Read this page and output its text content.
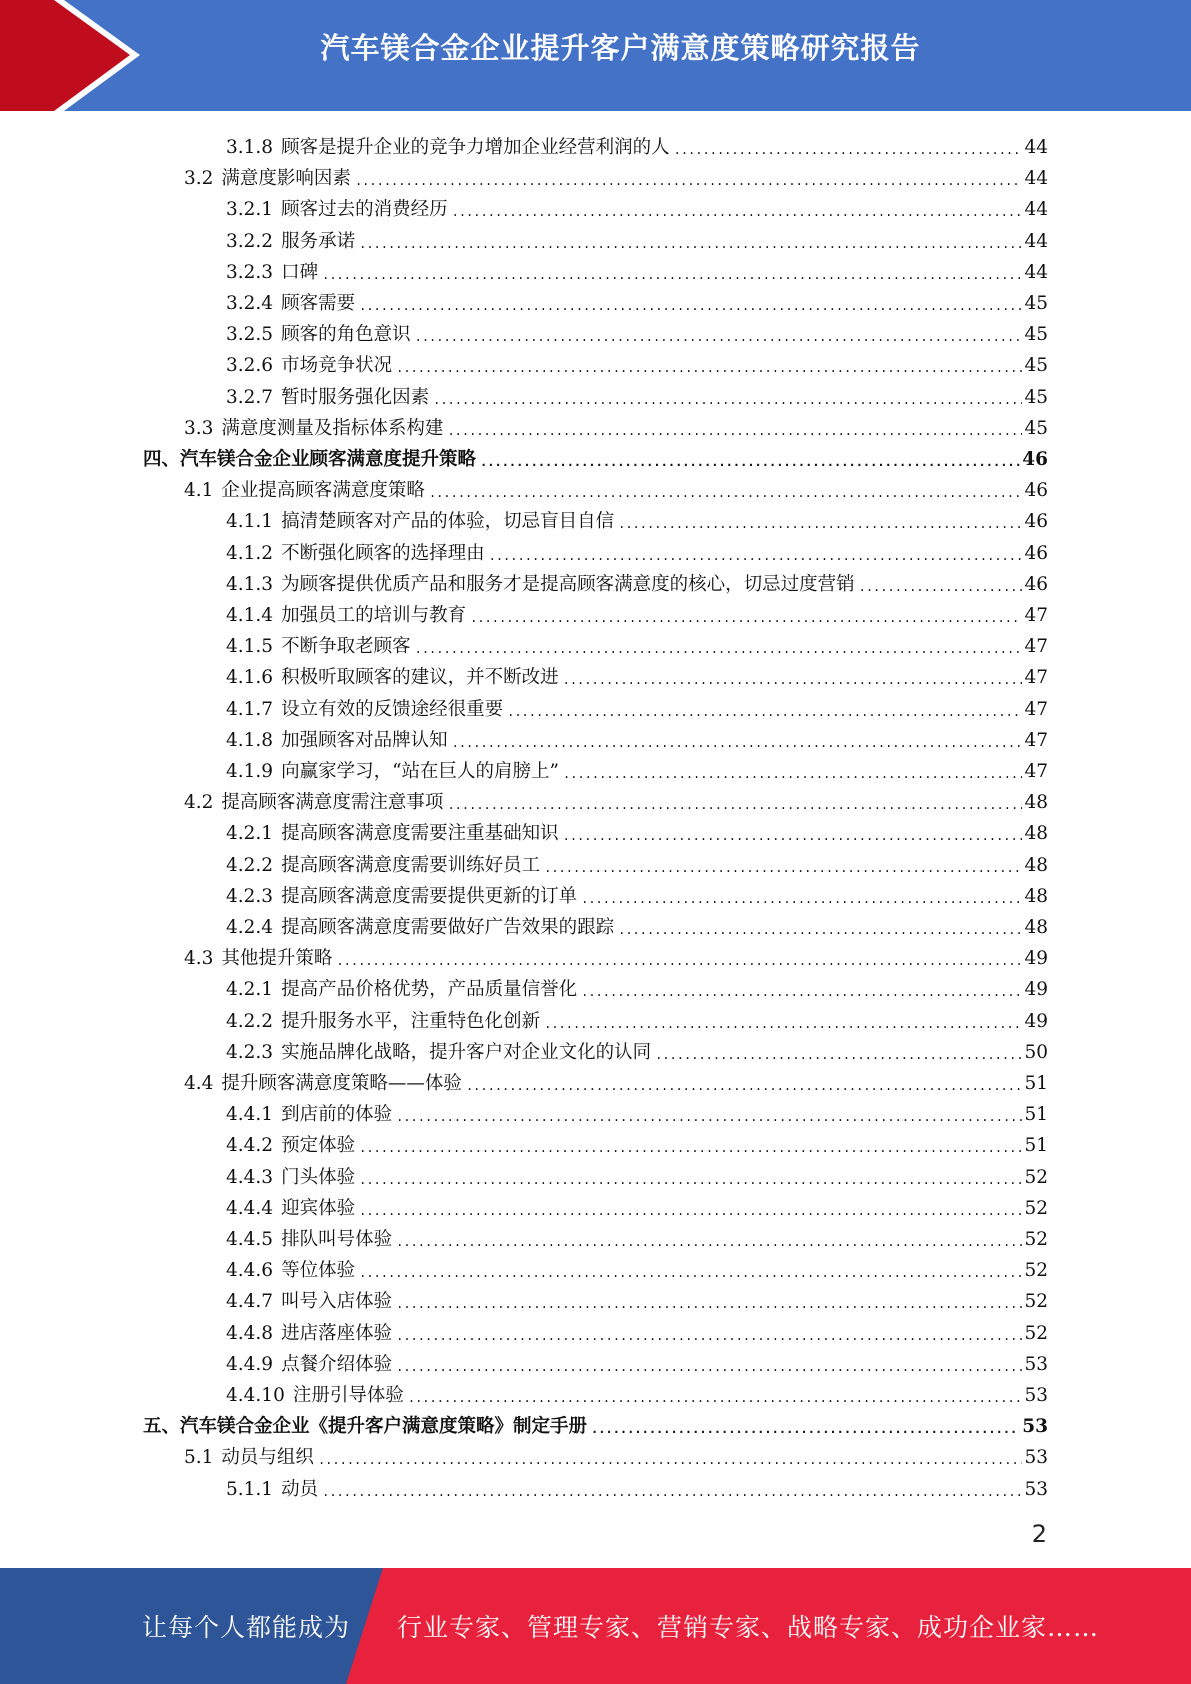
汽车镁合金企业提升客户满意度策略研究报告
3.1.8 顾客是提升企业的竞争力增加企业经营利润的人 .....	44
3.2 满意度影响因素 .....	44
3.2.1 顾客过去的消费经历 .....	44
3.2.2 服务承诺 .....	44
3.2.3 口碑 .....	44
3.2.4 顾客需要 .....	45
3.2.5 顾客的角色意识 .....	45
3.2.6 市场竞争状况 .....	45
3.2.7 暂时服务强化因素 .....	45
3.3 满意度测量及指标体系构建 .....	45
四、汽车镁合金企业顾客满意度提升策略 .....	46
4.1 企业提高顾客满意度策略 .....	46
4.1.1 搞清楚顾客对产品的体验，切忌盲目自信 .....	46
4.1.2 不断强化顾客的选择理由 .....	46
4.1.3 为顾客提供优质产品和服务才是提高顾客满意度的核心，切忌过度营销 .....	46
4.1.4 加强员工的培训与教育 .....	47
4.1.5 不断争取老顾客 .....	47
4.1.6 积极听取顾客的建议，并不断改进 .....	47
4.1.7 设立有效的反馈途经很重要 .....	47
4.1.8 加强顾客对品牌认知 .....	47
4.1.9 向赢家学习，“站在巨人的肩膀上” .....	47
4.2 提高顾客满意度需注意事项 .....	48
4.2.1 提高顾客满意度需要注重基础知识 .....	48
4.2.2 提高顾客满意度需要训练好员工 .....	48
4.2.3 提高顾客满意度需要提供更新的订单 .....	48
4.2.4 提高顾客满意度需要做好广告效果的跟踪 .....	48
4.3 其他提升策略 .....	49
4.2.1 提高产品价格优势，产品质量信誉化 .....	49
4.2.2 提升服务水平，注重特色化创新 .....	49
4.2.3 实施品牌化战略，提升客户对企业文化的认同 .....	50
4.4 提升顾客满意度策略——体验 .....	51
4.4.1 到店前的体验 .....	51
4.4.2 预定体验 .....	51
4.4.3 门头体验 .....	52
4.4.4 迎宾体验 .....	52
4.4.5 排队叫号体验 .....	52
4.4.6 等位体验 .....	52
4.4.7 叫号入店体验 .....	52
4.4.8 进店落座体验 .....	52
4.4.9 点餐介绍体验 .....	53
4.4.10 注册引导体验 .....	53
五、汽车镁合金企业《提升客户满意度策略》制定手册 .....	53
5.1 动员与组织 .....	53
5.1.1 动员 .....	53
2
让每个人都能成为 行业专家、管理专家、营销专家、战略专家、成功企业家……
